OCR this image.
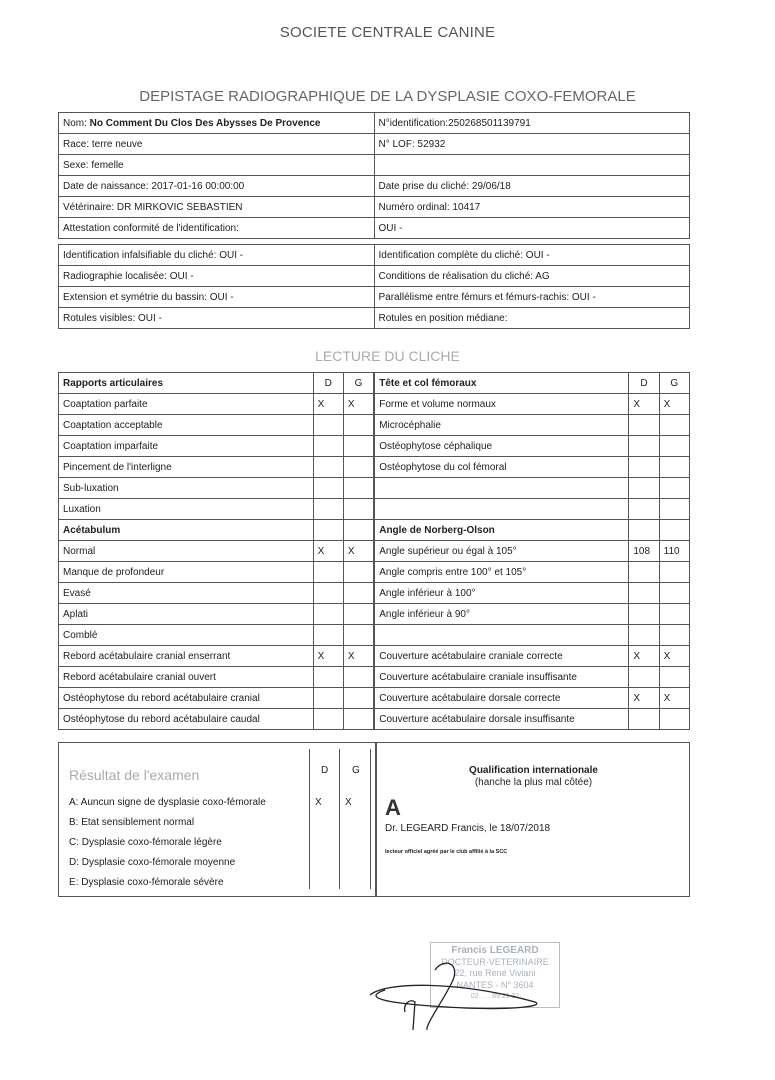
SOCIETE CENTRALE CANINE
DEPISTAGE RADIOGRAPHIQUE DE LA DYSPLASIE COXO-FEMORALE
Nom: No Comment Du Clos Des Abysses De Provence	N°identification:250268501139791
Race: terre neuve	N° LOF: 52932
Sexe: femelle	
Date de naissance: 2017-01-16 00:00:00	Date prise du cliché: 29/06/18
Vétérinaire: DR MIRKOVIC SEBASTIEN	Numéro ordinal: 10417
Attestation conformité de l'identification:	OUI -
Identification infalsifiable du cliché: OUI -	Identification complète du cliché: OUI -
Radiographie localisée: OUI -	Conditions de réalisation du cliché: AG
Extension et symétrie du bassin: OUI -	Parallélisme entre fémurs et fémurs-rachis: OUI -
Rotules visibles: OUI -	Rotules en position médiane:
LECTURE DU CLICHE
Rapports articulaires	D	G	Tête et col fémoraux	D	G
Coaptation parfaite	X	X	Forme et volume normaux	X	X
Coaptation acceptable			Microcéphalie		
Coaptation imparfaite			Ostéophytose céphalique		
Pincement de l'interligne			Ostéophytose du col fémoral		
Sub-luxation					
Luxation					
Acétabulum			Angle de Norberg-Olson		
Normal	X	X	Angle supérieur ou égal à 105°	108	110
Manque de profondeur			Angle compris entre 100° et 105°		
Evasé			Angle inférieur à 100°		
Aplati			Angle inférieur à 90°		
Comblé					
Rebord acétabulaire cranial enserrant	X	X	Couverture acétabulaire craniale correcte	X	X
Rebord acétabulaire cranial ouvert			Couverture acétabulaire craniale insuffisante		
Ostéophytose du rebord acétabulaire cranial			Couverture acétabulaire dorsale correcte	X	X
Ostéophytose du rebord acétabulaire caudal			Couverture acétabulaire dorsale insuffisante		
Résultat de l'examen	D G
A: Auncun signe de dysplasie coxo-fémorale	X X
B: Etat sensiblement normal
C: Dysplasie coxo-fémorale légère
D: Dysplasie coxo-fémorale moyenne
E: Dysplasie coxo-fémorale sévère
Qualification internationale
(hanche la plus mal côtée)
A
Dr. LEGEARD Francis, le 18/07/2018
lecteur officiel agréé par le club affilié à la SCC
Francis LEGEARD
DOCTEUR-VETERINAIRE
22, rue René Viviani
NANTES - N° 3604
02 . . . 89 21 32
